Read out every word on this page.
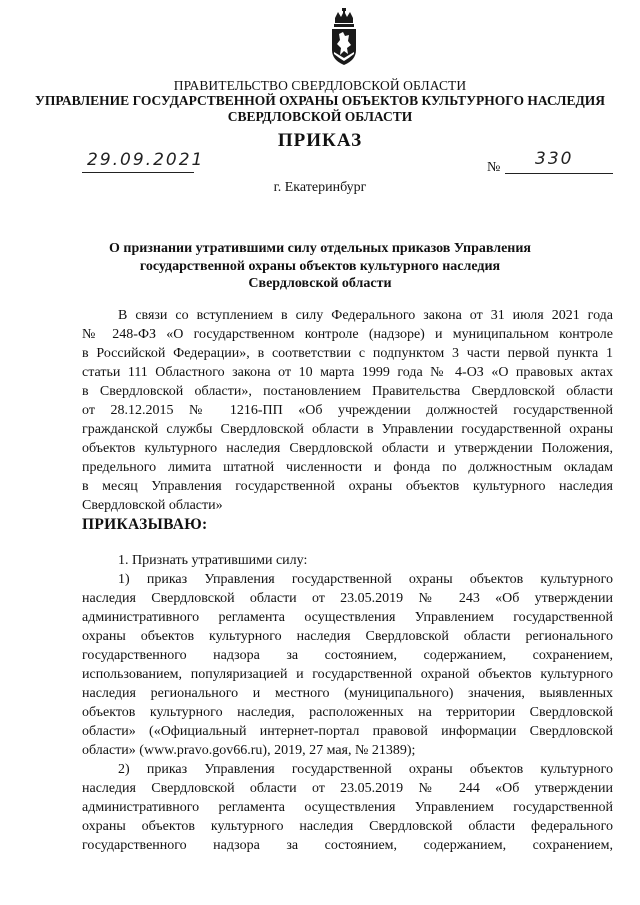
ПРАВИТЕЛЬСТВО СВЕРДЛОВСКОЙ ОБЛАСТИ
УПРАВЛЕНИЕ ГОСУДАРСТВЕННОЙ ОХРАНЫ ОБЪЕКТОВ КУЛЬТУРНОГО НАСЛЕДИЯ
СВЕРДЛОВСКОЙ ОБЛАСТИ
ПРИКАЗ
29.09.2021	№ 330
г. Екатеринбург
О признании утратившими силу отдельных приказов Управления
государственной охраны объектов культурного наследия
Свердловской области
В связи со вступлением в силу Федерального закона от 31 июля 2021 года
№ 248-ФЗ «О государственном контроле (надзоре) и муниципальном контроле
в Российской Федерации», в соответствии с подпунктом 3 части первой пункта 1
статьи 111 Областного закона от 10 марта 1999 года № 4-ОЗ «О правовых актах
в Свердловской области», постановлением Правительства Свердловской области
от 28.12.2015 № 1216-ПП «Об учреждении должностей государственной
гражданской службы Свердловской области в Управлении государственной охраны
объектов культурного наследия Свердловской области и утверждении Положения,
предельного лимита штатной численности и фонда по должностным окладам
в месяц Управления государственной охраны объектов культурного наследия
Свердловской области»
ПРИКАЗЫВАЮ:
1. Признать утратившими силу:
1) приказ Управления государственной охраны объектов культурного
наследия Свердловской области от 23.05.2019 № 243 «Об утверждении
административного регламента осуществления Управлением государственной
охраны объектов культурного наследия Свердловской области регионального
государственного надзора за состоянием, содержанием, сохранением,
использованием, популяризацией и государственной охраной объектов культурного
наследия регионального и местного (муниципального) значения, выявленных
объектов культурного наследия, расположенных на территории Свердловской
области» («Официальный интернет-портал правовой информации Свердловской
области» (www.pravo.gov66.ru), 2019, 27 мая, № 21389);
2) приказ Управления государственной охраны объектов культурного
наследия Свердловской области от 23.05.2019 № 244 «Об утверждении
административного регламента осуществления Управлением государственной
охраны объектов культурного наследия Свердловской области федерального
государственного надзора за состоянием, содержанием, сохранением,
